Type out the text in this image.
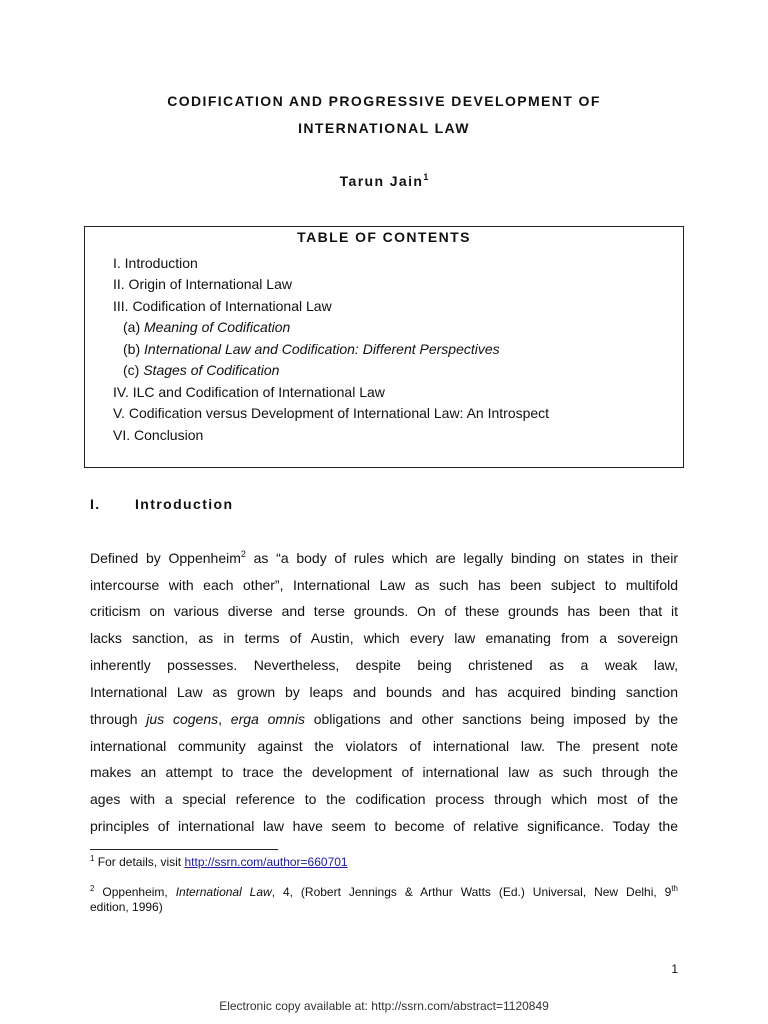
CODIFICATION AND PROGRESSIVE DEVELOPMENT OF
INTERNATIONAL LAW
Tarun Jain$^1$
TABLE OF CONTENTS
I. Introduction
II. Origin of International Law
III. Codification of International Law
(a) Meaning of Codification
(b) International Law and Codification: Different Perspectives
(c) Stages of Codification
IV. ILC and Codification of International Law
V. Codification versus Development of International Law: An Introspect
VI. Conclusion
I. Introduction
Defined by Oppenheim$^2$ as “a body of rules which are legally binding on states in their
intercourse with each other”, International Law as such has been subject to multifold
criticism on various diverse and terse grounds. On of these grounds has been that it
lacks sanction, as in terms of Austin, which every law emanating from a sovereign
inherently possesses. Nevertheless, despite being christened as a weak law,
International Law as grown by leaps and bounds and has acquired binding sanction
through jus cogens, erga omnis obligations and other sanctions being imposed by the
international community against the violators of international law. The present note
makes an attempt to trace the development of international law as such through the
ages with a special reference to the codification process through which most of the
principles of international law have seem to become of relative significance. Today the
$^1$ For details, visit http://ssrn.com/author=660701
$^2$ Oppenheim, International Law, 4, (Robert Jennings & Arthur Watts (Ed.) Universal, New Delhi, 9th
edition, 1996)
1
Electronic copy available at: http://ssrn.com/abstract=1120849
